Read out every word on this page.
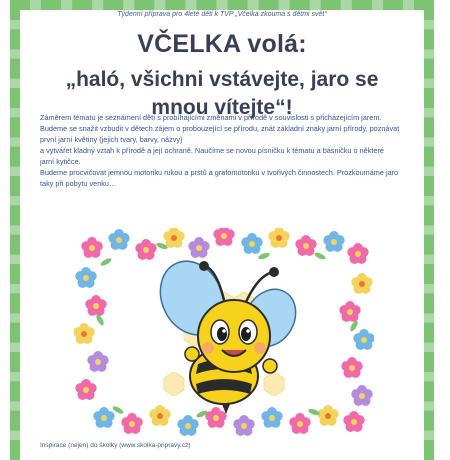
Týdenní příprava pro 4leté děti k TVP „Včelka zkoumá s dětmi svět“
VČELKA volá:
„haló, všichni vstávejte, jaro se
mnou vítejte“!

Záměrem tématu je seznámení dětí s probíhajícími změnami v přírodě v souvislosti s přicházejícím jarem.

Budeme se snažit vzbudit v dětech zájem o probouzející se přírodu, znát základní znaky jarní přírody, poznávat první jarní květiny (jejich tvary, barvy, názvy)

a vytvářet kladný vztah k přírodě a její ochraně. Naučíme se novou písničku k tématu a básničku o některé jarní kytičce.

Budeme procvičovat jemnou motoriku rukou a prstů a grafomotoriku v tvořivých činnostech. Prozkoumáme jaro taky při pobytu venku…

Inspirace (nejen) do školky (www.skolka-pripravy.cz)
